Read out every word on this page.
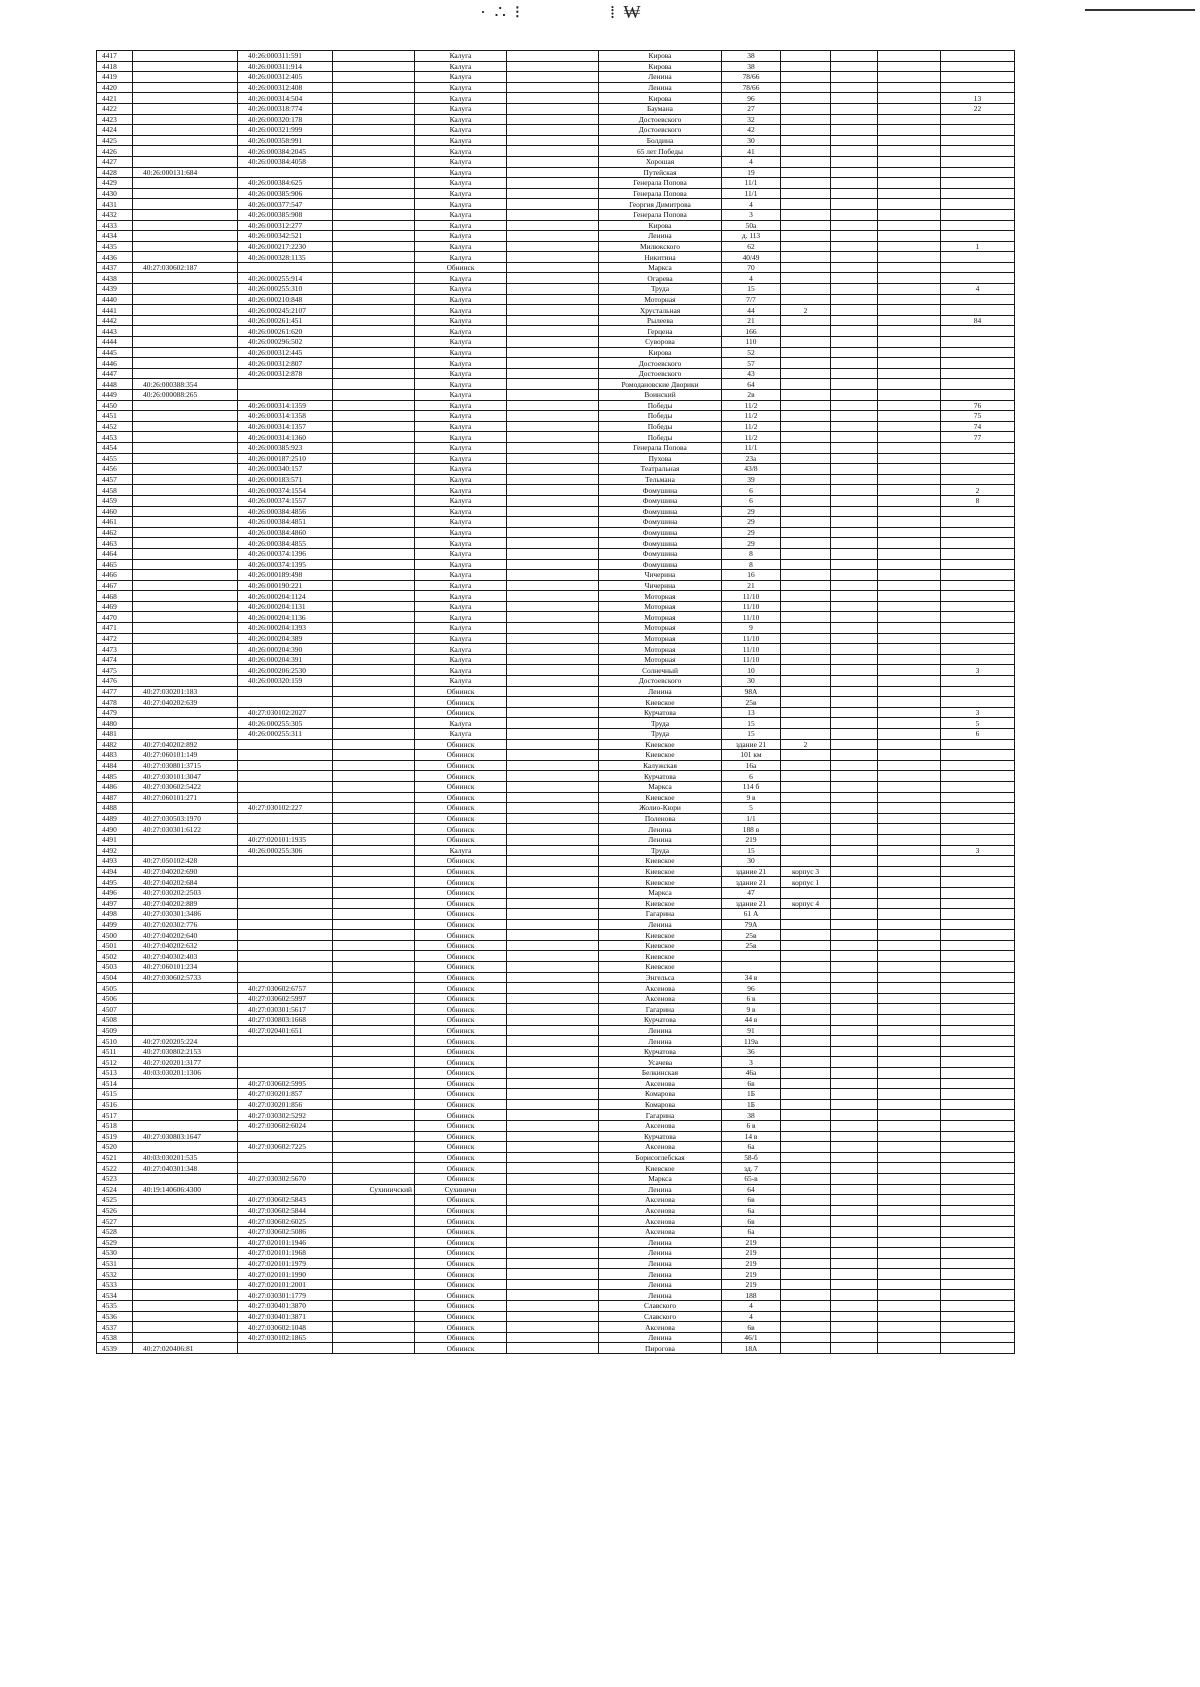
· ∴ ⁝	⁞ ₩
4417		40:26:000311:591		Калуга		Кирова	38				
4418		40:26:000311:914		Калуга		Кирова	38				
4419		40:26:000312:405		Калуга		Ленина	78/66				
4420		40:26:000312:408		Калуга		Ленина	78/66				
4421		40:26:000314:504		Калуга		Кирова	96				13
4422		40:26:000318:774		Калуга		Баумана	27				22
4423		40:26:000320:178		Калуга		Достоевского	32				
4424		40:26:000321:999		Калуга		Достоевского	42				
4425		40:26:000358:991		Калуга		Болдина	30				
4426		40:26:000384:2045		Калуга		65 лет Победы	41				
4427		40:26:000384:4058		Калуга		Хорошая	4				
4428	40:26:000131:684			Калуга		Путейская	19				
4429		40:26:000384:625		Калуга		Генерала Попова	11/1				
4430		40:26:000385:906		Калуга		Генерала Попова	11/1				
4431		40:26:000377:547		Калуга		Георгия Димитрова	4				
4432		40:26:000385:908		Калуга		Генерала Попова	3				
4433		40:26:000312:277		Калуга		Кирова	50а				
4434		40:26:000342:521		Калуга		Ленина	д. 113				
4435		40:26:000217:2230		Калуга		Милюкского	62				1
4436		40:26:000328:1135		Калуга		Никитина	40/49				
4437	40:27:030602:187			Обнинск		Маркса	70				
4438		40:26:000255:914		Калуга		Огарева	4				
4439		40:26:000255:310		Калуга		Труда	15				4
4440		40:26:000210:848		Калуга		Моторная	7/7				
4441		40:26:000245:2107		Калуга		Хрустальная	44	2			
4442		40:26:000261:451		Калуга		Рылеева	21				84
4443		40:26:000261:620		Калуга		Герцена	166				
4444		40:26:000296:502		Калуга		Суворова	110				
4445		40:26:000312:445		Калуга		Кирова	52				
4446		40:26:000312:807		Калуга		Достоевского	57				
4447		40:26:000312:878		Калуга		Достоевского	43				
4448	40:26:000388:354			Калуга		Ромодановские Дворики	64				
4449	40:26:000088:265			Калуга		Воинский	2в				
4450		40:26:000314:1359		Калуга		Победы	11/2				76
4451		40:26:000314:1358		Калуга		Победы	11/2				75
4452		40:26:000314:1357		Калуга		Победы	11/2				74
4453		40:26:000314:1360		Калуга		Победы	11/2				77
4454		40:26:000385:923		Калуга		Генерала Попова	11/1				
4455		40:26:000187:2510		Калуга		Пухова	23а				
4456		40:26:000340:157		Калуга		Театральная	43/8				
4457		40:26:000183:571		Калуга		Тельмана	39				
4458		40:26:000374:1554		Калуга		Фомушина	6				2
4459		40:26:000374:1557		Калуга		Фомушина	6				8
4460		40:26:000384:4856		Калуга		Фомушина	29				
4461		40:26:000384:4851		Калуга		Фомушина	29				
4462		40:26:000384:4860		Калуга		Фомушина	29				
4463		40:26:000384:4855		Калуга		Фомушина	29				
4464		40:26:000374:1396		Калуга		Фомушина	8				
4465		40:26:000374:1395		Калуга		Фомушина	8				
4466		40:26:000189:498		Калуга		Чичерина	16				
4467		40:26:000190:221		Калуга		Чичерина	21				
4468		40:26:000204:1124		Калуга		Моторная	11/10				
4469		40:26:000204:1131		Калуга		Моторная	11/10				
4470		40:26:000204:1136		Калуга		Моторная	11/10				
4471		40:26:000204:1393		Калуга		Моторная	9				
4472		40:26:000204:389		Калуга		Моторная	11/10				
4473		40:26:000204:390		Калуга		Моторная	11/10				
4474		40:26:000204:391		Калуга		Моторная	11/10				
4475		40:26:000206:2530		Калуга		Солнечный	10				3
4476		40:26:000320:159		Калуга		Достоевского	30				
4477	40:27:030201:183			Обнинск		Ленина	98А				
4478	40:27:040202:639			Обнинск		Киевское	25в				
4479		40:27:030102:2027		Обнинск		Курчатова	13				3
4480		40:26:000255:305		Калуга		Труда	15				5
4481		40:26:000255:311		Калуга		Труда	15				6
4482	40:27:040202:892			Обнинск		Киевское	здание 21	2			
4483	40:27:060101:149			Обнинск		Киевское	101 км				
4484	40:27:030801:3715			Обнинск		Калужская	16а				
4485	40:27:030101:3047			Обнинск		Курчатова	6				
4486	40:27:030602:5422			Обнинск		Маркса	114 б				
4487	40:27:060101:271			Обнинск		Киевское	9 в				
4488		40:27:030102:227		Обнинск		Жолио-Кюри	5				
4489	40:27:030503:1970			Обнинск		Поленова	1/1				
4490	40:27:030301:6122			Обнинск		Ленина	188 в				
4491		40:27:020101:1935		Обнинск		Ленина	219				
4492		40:26:000255:306		Калуга		Труда	15				3
4493	40:27:050102:428			Обнинск		Киевское	30				
4494	40:27:040202:690			Обнинск		Киевское	здание 21	корпус 3			
4495	40:27:040202:684			Обнинск		Киевское	здание 21	корпус 1			
4496	40:27:030202:2503			Обнинск		Маркса	47				
4497	40:27:040202:889			Обнинск		Киевское	здание 21	корпус 4			
4498	40:27:030301:3486			Обнинск		Гагарина	61 А				
4499	40:27:020302:776			Обнинск		Ленина	79А				
4500	40:27:040202:640			Обнинск		Киевское	25в				
4501	40:27:040202:632			Обнинск		Киевское	25в				
4502	40:27:040302:403			Обнинск		Киевское					
4503	40:27:060101:234			Обнинск		Киевское					
4504	40:27:030602:5733			Обнинск		Энгельса	34 в				
4505		40:27:030602:6757		Обнинск		Аксенова	96				
4506		40:27:030602:5997		Обнинск		Аксенова	6 в				
4507		40:27:030301:5617		Обнинск		Гагарина	9 в				
4508		40:27:030803:1668		Обнинск		Курчатова	44 в				
4509		40:27:020401:651		Обнинск		Ленина	91				
4510	40:27:020205:224			Обнинск		Ленина	119а				
4511	40:27:030802:2153			Обнинск		Курчатова	36				
4512	40:27:020201:3177			Обнинск		Усачева	3				
4513	40:03:030201:1306			Обнинск		Белкинская	46а				
4514		40:27:030602:5995		Обнинск		Аксенова	6в				
4515		40:27:030201:857		Обнинск		Комарова	1Б				
4516		40:27:030201:856		Обнинск		Комарова	1Б				
4517		40:27:030302:5292		Обнинск		Гагарина	38				
4518		40:27:030602:6024		Обнинск		Аксенова	6 в				
4519	40:27:030803:1647			Обнинск		Курчатова	14 в				
4520		40:27:030602:7225		Обнинск		Аксенова	6а				
4521	40:03:030201:535			Обнинск		Борисоглебская	58-б				
4522	40:27:040301:348			Обнинск		Киевское	зд. 7				
4523		40:27:030302:5670		Обнинск		Маркса	65-в				
4524	40:19:140606:4300		Сухиничский	Сухиничи		Ленина	64				
4525		40:27:030602:5843		Обнинск		Аксенова	6в				
4526		40:27:030602:5844		Обнинск		Аксенова	6а				
4527		40:27:030602:6025		Обнинск		Аксенова	6в				
4528		40:27:030602:5086		Обнинск		Аксенова	6а				
4529		40:27:020101:1946		Обнинск		Ленина	219				
4530		40:27:020101:1968		Обнинск		Ленина	219				
4531		40:27:020101:1979		Обнинск		Ленина	219				
4532		40:27:020101:1990		Обнинск		Ленина	219				
4533		40:27:020101:2001		Обнинск		Ленина	219				
4534		40:27:030301:1779		Обнинск		Ленина	188				
4535		40:27:030401:3870		Обнинск		Славского	4				
4536		40:27:030401:3871		Обнинск		Славского	4				
4537		40:27:030602:1048		Обнинск		Аксенова	6в				
4538		40:27:030102:1865		Обнинск		Ленина	46/1				
4539	40:27:020406:81			Обнинск		Пирогова	18А				
